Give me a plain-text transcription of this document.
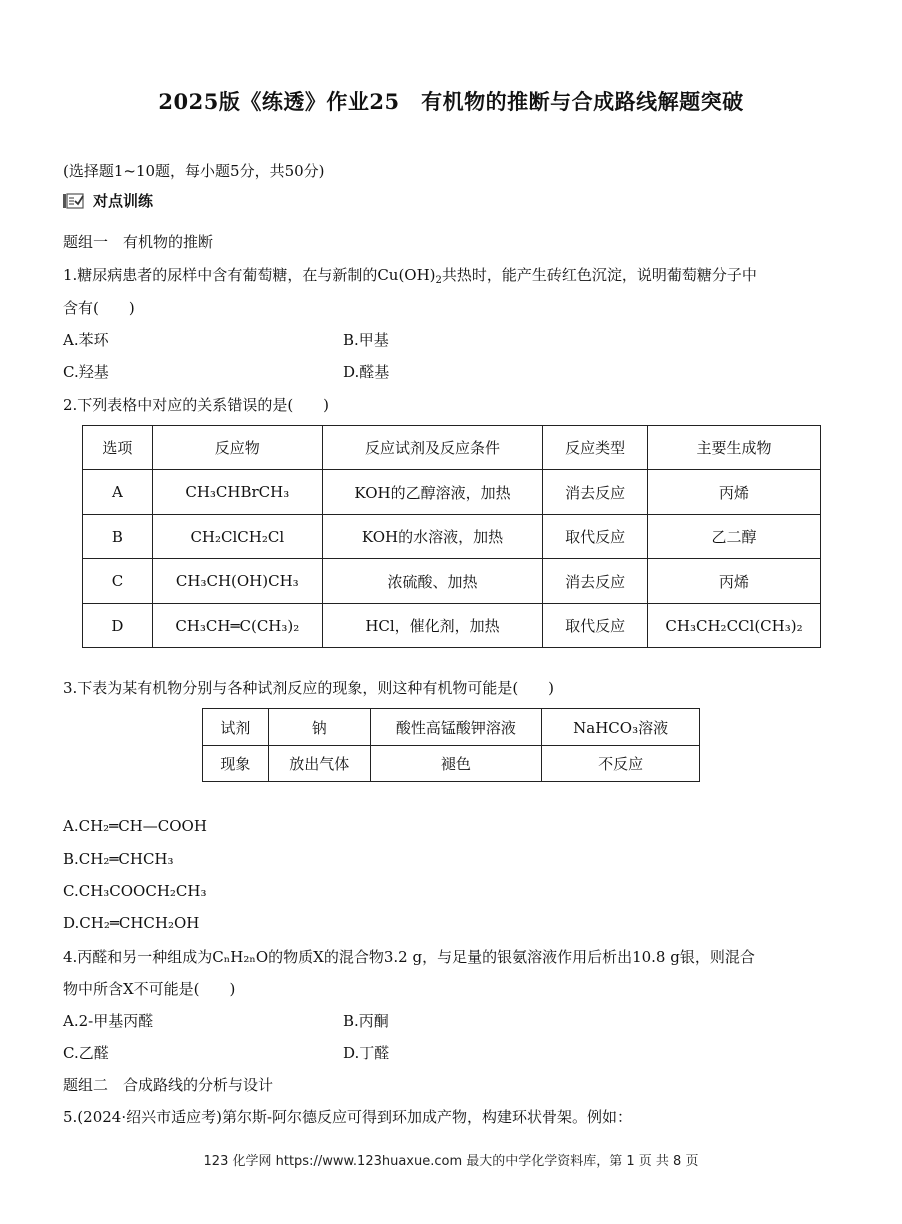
2025版《练透》作业25　有机物的推断与合成路线解题突破
(选择题1~10题，每小题5分，共50分)
对点训练
题组一　有机物的推断
1.糖尿病患者的尿样中含有葡萄糖，在与新制的$Cu(OH)_2$共热时，能产生砖红色沉淀，说明葡萄糖分子中
含有(　　)
A.苯环	B.甲基
C.羟基	D.醛基
2.下列表格中对应的关系错误的是(　　)
选项	反应物	反应试剂及反应条件	反应类型	主要生成物
A	CH₃CHBrCH₃	KOH的乙醇溶液，加热	消去反应	丙烯
B	CH₂ClCH₂Cl	KOH的水溶液，加热	取代反应	乙二醇
C	CH₃CH(OH)CH₃	浓硫酸、加热	消去反应	丙烯
D	CH₃CH═C(CH₃)₂	HCl，催化剂，加热	取代反应	CH₃CH₂CCl(CH₃)₂
3.下表为某有机物分别与各种试剂反应的现象，则这种有机物可能是(　　)
试剂	钠	酸性高锰酸钾溶液	NaHCO₃溶液
现象	放出气体	褪色	不反应
A.CH₂═CH—COOH
B.CH₂═CHCH₃
C.CH₃COOCH₂CH₃
D.CH₂═CHCH₂OH
4.丙醛和另一种组成为CₙH₂ₙO的物质X的混合物3.2 g，与足量的银氨溶液作用后析出10.8 g银，则混合
物中所含X不可能是(　　)
A.2-甲基丙醛	B.丙酮
C.乙醛	D.丁醛
题组二　合成路线的分析与设计
5.(2024·绍兴市适应考)第尔斯-阿尔德反应可得到环加成产物，构建环状骨架。例如：
123 化学网 https://www.123huaxue.com 最大的中学化学资料库，第 1 页 共 8 页
